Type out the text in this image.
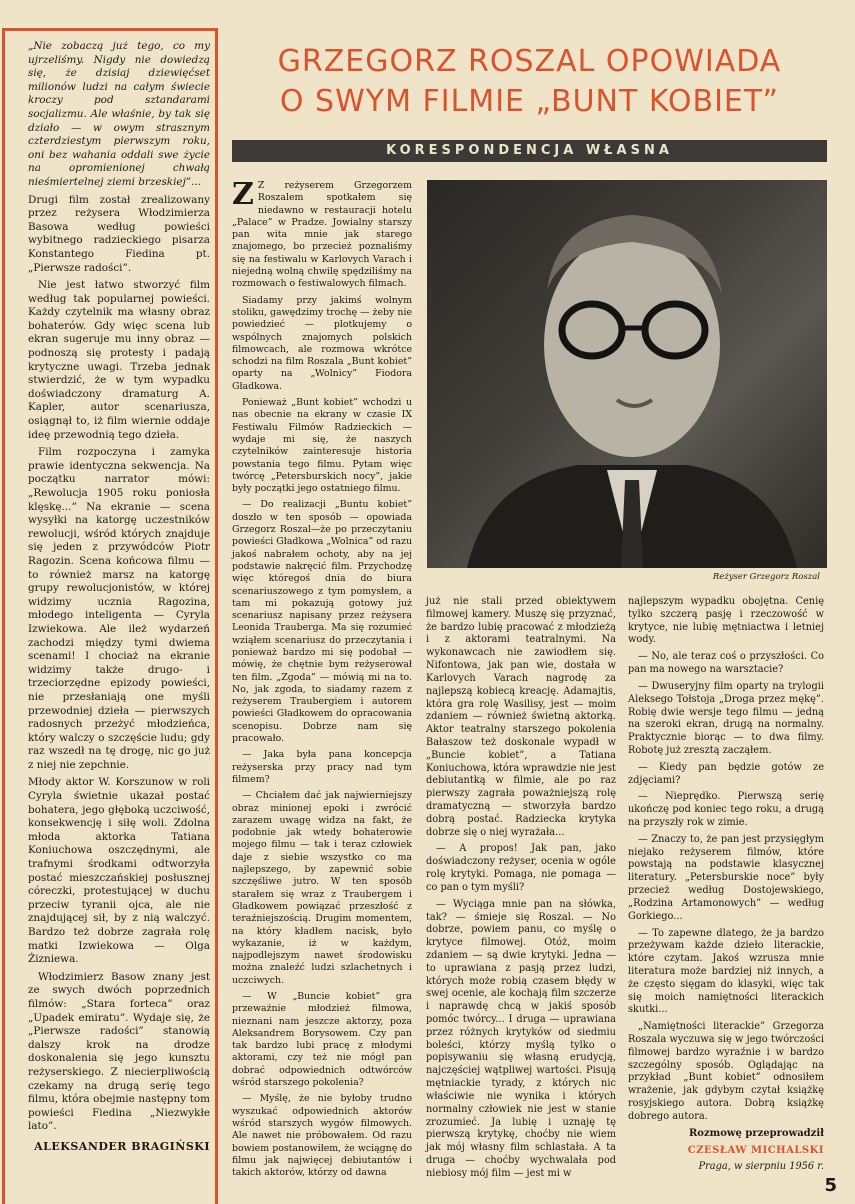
„Nie zobaczą już tego, co my ujrzeliśmy. Nigdy nie dowiedzą się, że dzisiaj dziewięćset milionów ludzi na całym świecie kroczy pod sztandarami socjalizmu. Ale właśnie, by tak się działo — w owym strasznym czterdziestym pierwszym roku, oni bez wahania oddali swe życie na opromienionej chwałą nieśmiertelnej ziemi brzeskiej”...

Drugi film został zrealizowany przez reżysera Włodzimierza Basowa według powieści wybitnego radzieckiego pisarza Konstantego Fiedina pt. „Pierwsze radości”.

Nie jest łatwo stworzyć film według tak popularnej powieści. Każdy czytelnik ma własny obraz bohaterów. Gdy więc scena lub ekran sugeruje mu inny obraz — podnoszą się protesty i padają krytyczne uwagi. Trzeba jednak stwierdzić, że w tym wypadku doświadczony dramaturg A. Kapler, autor scenariusza, osiągnął to, iż film wiernie oddaje ideę przewodnią tego dzieła.

Film rozpoczyna i zamyka prawie identyczna sekwencja. Na początku narrator mówi: „Rewolucja 1905 roku poniosła klęskę...” Na ekranie — scena wysyłki na katorgę uczestników rewolucji, wśród których znajduje się jeden z przywódców Piotr Ragozin. Scena końcowa filmu — to również marsz na katorgę grupy rewolucjonistów, w której widzimy ucznia Ragozina, młodego inteligenta — Cyryla Izwiekowa. Ale ileż wydarzeń zachodzi między tymi dwiema scenami! I chociaż na ekranie widzimy także drugo- i trzeciorzędne epizody powieści, nie przesłaniają one myśli przewodniej dzieła — pierwszych radosnych przeżyć młodzieńca, który walczy o szczęście ludu; gdy raz wszedł na tę drogę, nic go już z niej nie zepchnie.

Młody aktor W. Korszunow w roli Cyryla świetnie ukazał postać bohatera, jego głęboką uczciwość, konsekwencję i siłę woli. Zdolna młoda aktorka Tatiana Koniuchowa oszczędnymi, ale trafnymi środkami odtworzyła postać mieszczańskiej posłusznej córeczki, protestującej w duchu przeciw tyranii ojca, ale nie znajdującej sił, by z nią walczyć. Bardzo też dobrze zagrała rolę matki Izwiekowa — Olga Żizniewa.

Włodzimierz Basow znany jest ze swych dwóch poprzednich filmów: „Stara forteca” oraz „Upadek emiratu”. Wydaje się, że „Pierwsze radości” stanowią dalszy krok na drodze doskonalenia się jego kunsztu reżyserskiego. Z niecierpliwością czekamy na drugą serię tego filmu, która obejmie następny tom powieści Fiedina „Niezwykłe lato”.

ALEKSANDER BRAGIŃSKI
GRZEGORZ ROSZAL OPOWIADA
O SWYM FILMIE „BUNT KOBIET”
KORESPONDENCJA WŁASNA
Reżyser Grzegorz Roszal

Z Z reżyserem Grzegorzem Roszalem spotkałem się niedawno w restauracji hotelu „Palace” w Pradze. Jowialny starszy pan wita mnie jak starego znajomego, bo przecież poznaliśmy się na festiwalu w Karlovych Varach i niejedną wolną chwilę spędziliśmy na rozmowach o festiwalowych filmach.

Siadamy przy jakimś wolnym stoliku, gawędzimy trochę — żeby nie powiedzieć — plotkujemy o wspólnych znajomych polskich filmowcach, ale rozmowa wkrótce schodzi na film Roszala „Bunt kobiet” oparty na „Wolnicy” Fiodora Gładkowa.

Ponieważ „Bunt kobiet” wchodzi u nas obecnie na ekrany w czasie IX Festiwalu Filmów Radzieckich — wydaje mi się, że naszych czytelników zainteresuje historia powstania tego filmu. Pytam więc twórcę „Petersburskich nocy”, jakie były początki jego ostatniego filmu.

— Do realizacji „Buntu kobiet” doszło w ten sposób — opowiada Grzegorz Roszal—że po przeczytaniu powieści Gładkowa „Wolnica” od razu jakoś nabrałem ochoty, aby na jej podstawie nakręcić film. Przychodzę więc któregoś dnia do biura scenariuszowego z tym pomysłem, a tam mi pokazują gotowy już scenariusz napisany przez reżysera Leonida Trauberga. Ma się rozumieć wziąłem scenariusz do przeczytania i ponieważ bardzo mi się podobał — mówię, że chętnie bym reżyserował ten film. „Zgoda” — mówią mi na to. No, jak zgoda, to siadamy razem z reżyserem Traubergiem i autorem powieści Gładkowem do opracowania scenopisu. Dobrze nam się pracowało.

— Jaka była pana koncepcja reżyserska przy pracy nad tym filmem?

— Chciałem dać jak najwierniejszy obraz minionej epoki i zwrócić zarazem uwagę widza na fakt, że podobnie jak wtedy bohaterowie mojego filmu — tak i teraz człowiek daje z siebie wszystko co ma najlepszego, by zapewnić sobie szczęśliwe jutro. W ten sposób starałem się wraz z Traubergem i Gładkowem powiązać przeszłość z teraźniejszością. Drugim momentem, na który kładłem nacisk, było wykazanie, iż w każdym, najpodlejszym nawet środowisku można znaleźć ludzi szlachetnych i uczciwych.

— W „Buncie kobiet” gra przeważnie młodzież filmowa, nieznani nam jeszcze aktorzy, poza Aleksandrem Borysowem. Czy pan tak bardzo lubi pracę z młodymi aktorami, czy też nie mógł pan dobrać odpowiednich odtwórców wśród starszego pokolenia?

— Myślę, że nie byłoby trudno wyszukać odpowiednich aktorów wśród starszych wygów filmowych. Ale nawet nie próbowałem. Od razu bowiem postanowiłem, że wciągnę do filmu jak najwięcej debiutantów i takich aktorów, którzy od dawna

już nie stali przed obiektywem filmowej kamery. Muszę się przyznać, że bardzo lubię pracować z młodzieżą i z aktorami teatralnymi. Na wykonawcach nie zawiodłem się. Nifontowa, jak pan wie, dostała w Karlovych Varach nagrodę za najlepszą kobiecą kreację. Adamajtis, która gra rolę Wasilisy, jest — moim zdaniem — również świetną aktorką. Aktor teatralny starszego pokolenia Bałaszow też doskonale wypadł w „Buncie kobiet”, a Tatiana Koniuchowa, która wprawdzie nie jest debiutantką w filmie, ale po raz pierwszy zagrała poważniejszą rolę dramatyczną — stworzyła bardzo dobrą postać. Radziecka krytyka dobrze się o niej wyrażała...

— A propos! Jak pan, jako doświadczony reżyser, ocenia w ogóle rolę krytyki. Pomaga, nie pomaga — co pan o tym myśli?

— Wyciąga mnie pan na słówka, tak? — śmieje się Roszal. — No dobrze, powiem panu, co myślę o krytyce filmowej. Otóż, moim zdaniem — są dwie krytyki. Jedna — to uprawiana z pasją przez ludzi, których może robią czasem błędy w swej ocenie, ale kochają film szczerze i naprawdę chcą w jakiś sposób pomóc twórcy... I druga — uprawiana przez różnych krytyków od siedmiu boleści, którzy myślą tylko o popisywaniu się własną erudycją, najczęściej wątpliwej wartości. Pisują mętniackie tyrady, z których nic właściwie nie wynika i których normalny człowiek nie jest w stanie zrozumieć. Ja lubię i uznaję tę pierwszą krytykę, choćby nie wiem jak mój własny film schlastała. A ta druga — choćby wychwalała pod niebiosy mój film — jest mi w

najlepszym wypadku obojętna. Cenię tylko szczerą pasję i rzeczowość w krytyce, nie lubię mętniactwa i letniej wody.

— No, ale teraz coś o przyszłości. Co pan ma nowego na warsztacie?

— Dwuseryjny film oparty na trylogii Aleksego Tołstoja „Droga przez mękę”. Robię dwie wersje tego filmu — jedną na szeroki ekran, drugą na normalny. Praktycznie biorąc — to dwa filmy. Robotę już zresztą zacząłem.

— Kiedy pan będzie gotów ze zdjęciami?

— Nieprędko. Pierwszą serię ukończę pod koniec tego roku, a drugą na przyszły rok w zimie.

— Znaczy to, że pan jest przysięgłym niejako reżyserem filmów, które powstają na podstawie klasycznej literatury. „Petersburskie noce” były przecież według Dostojewskiego, „Rodzina Artamonowych” — według Gorkiego...

— To zapewne dlatego, że ja bardzo przeżywam każde dzieło literackie, które czytam. Jakoś wzrusza mnie literatura może bardziej niż innych, a że często sięgam do klasyki, więc tak się moich namiętności literackich skutki...

„Namiętności literackie” Grzegorza Roszala wyczuwa się w jego twórczości filmowej bardzo wyraźnie i w bardzo szczególny sposób. Oglądając na przykład „Bunt kobiet” odnosiłem wrażenie, jak gdybym czytał książkę rosyjskiego autora. Dobrą książkę dobrego autora.

Rozmowę przeprowadził

CZESŁAW MICHALSKI

Praga, w sierpniu 1956 r.

5
